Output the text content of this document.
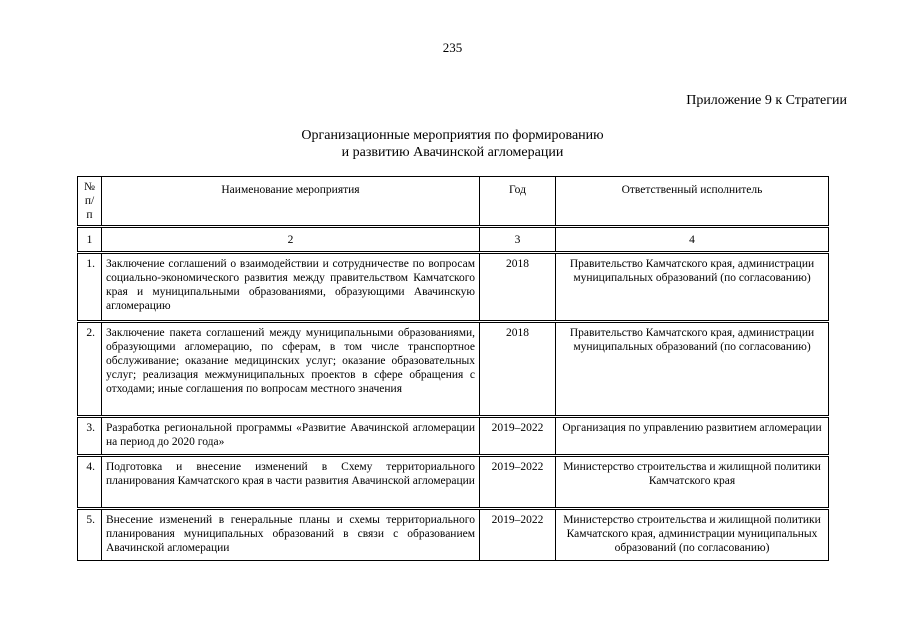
235
Приложение 9 к Стратегии
Организационные мероприятия по формированию
и развитию Авачинской агломерации
№
п/п	Наименование мероприятия	Год	Ответственный исполнитель
1	2	3	4
1.	Заключение соглашений о взаимодействии и сотрудничестве по вопросам социально-экономического развития между правительством Камчатского края и муниципальными образованиями, образующими Авачинскую агломерацию	2018	Правительство Камчатского края, администрации муниципальных образований (по согласованию)
2.	Заключение пакета соглашений между муниципальными образованиями, образующими агломерацию, по сферам, в том числе транспортное обслуживание; оказание медицинских услуг; оказание образовательных услуг; реализация межмуниципальных проектов в сфере обращения с отходами; иные соглашения по вопросам местного значения	2018	Правительство Камчатского края, администрации муниципальных образований (по согласованию)
3.	Разработка региональной программы «Развитие Авачинской агломерации на период до 2020 года»	2019–2022	Организация по управлению развитием агломерации
4.	Подготовка и внесение изменений в Схему территориального планирования Камчатского края в части развития Авачинской агломерации	2019–2022	Министерство строительства и жилищной политики Камчатского края
5.	Внесение изменений в генеральные планы и схемы территориального планирования муниципальных образований в связи с образованием Авачинской агломерации	2019–2022	Министерство строительства и жилищной политики Камчатского края, администрации муниципальных образований (по согласованию)
